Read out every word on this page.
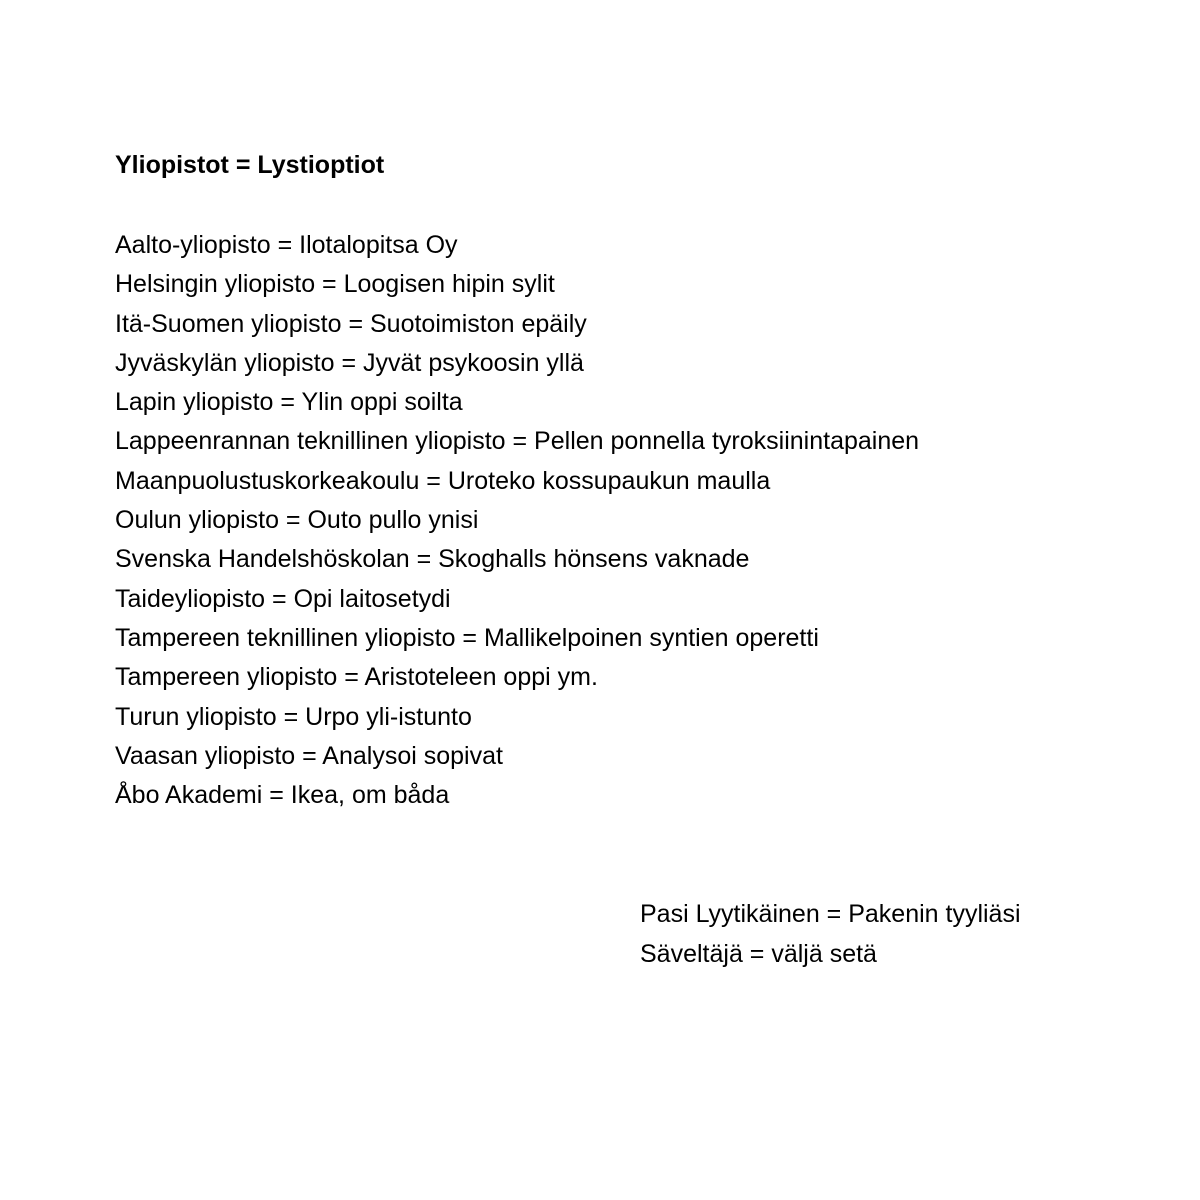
Yliopistot = Lystioptiot
Aalto-yliopisto = Ilotalopitsa Oy
Helsingin yliopisto = Loogisen hipin sylit
Itä-Suomen yliopisto = Suotoimiston epäily
Jyväskylän yliopisto = Jyvät psykoosin yllä
Lapin yliopisto = Ylin oppi soilta
Lappeenrannan teknillinen yliopisto = Pellen ponnella tyroksiinintapainen
Maanpuolustuskorkeakoulu = Uroteko kossupaukun maulla
Oulun yliopisto = Outo pullo ynisi
Svenska Handelshöskolan = Skoghalls hönsens vaknade
Taideyliopisto = Opi laitosetydi
Tampereen teknillinen yliopisto = Mallikelpoinen syntien operetti
Tampereen yliopisto = Aristoteleen oppi ym.
Turun yliopisto = Urpo yli-istunto
Vaasan yliopisto = Analysoi sopivat
Åbo Akademi = Ikea, om båda
Pasi Lyytikäinen = Pakenin tyyliäsi
Säveltäjä = väljä setä
